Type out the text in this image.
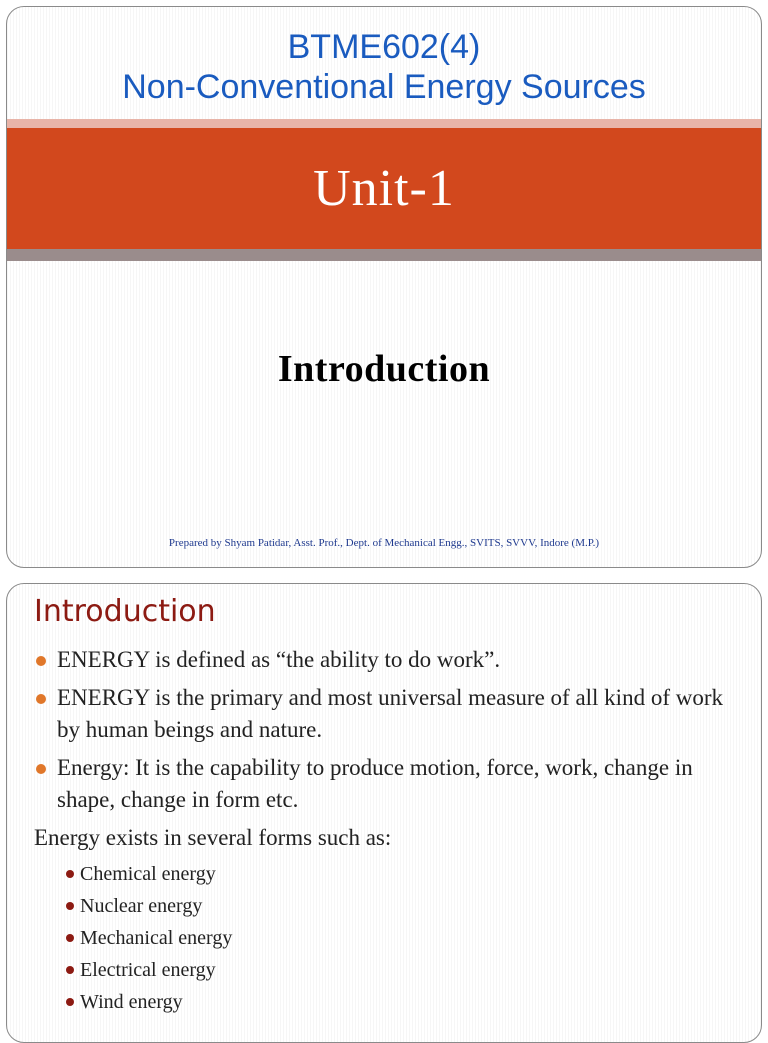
BTME602(4)
Non-Conventional Energy Sources
Unit-1
Introduction
Prepared by Shyam Patidar, Asst. Prof., Dept. of Mechanical Engg., SVITS, SVVV, Indore (M.P.)
Introduction
ENERGY is defined as “the ability to do work”.
ENERGY is the primary and most universal measure of all kind of work by human beings and nature.
Energy: It is the capability to produce motion, force, work, change in shape, change in form etc.
Energy exists in several forms such as:
Chemical energy
Nuclear energy
Mechanical energy
Electrical energy
Wind energy
